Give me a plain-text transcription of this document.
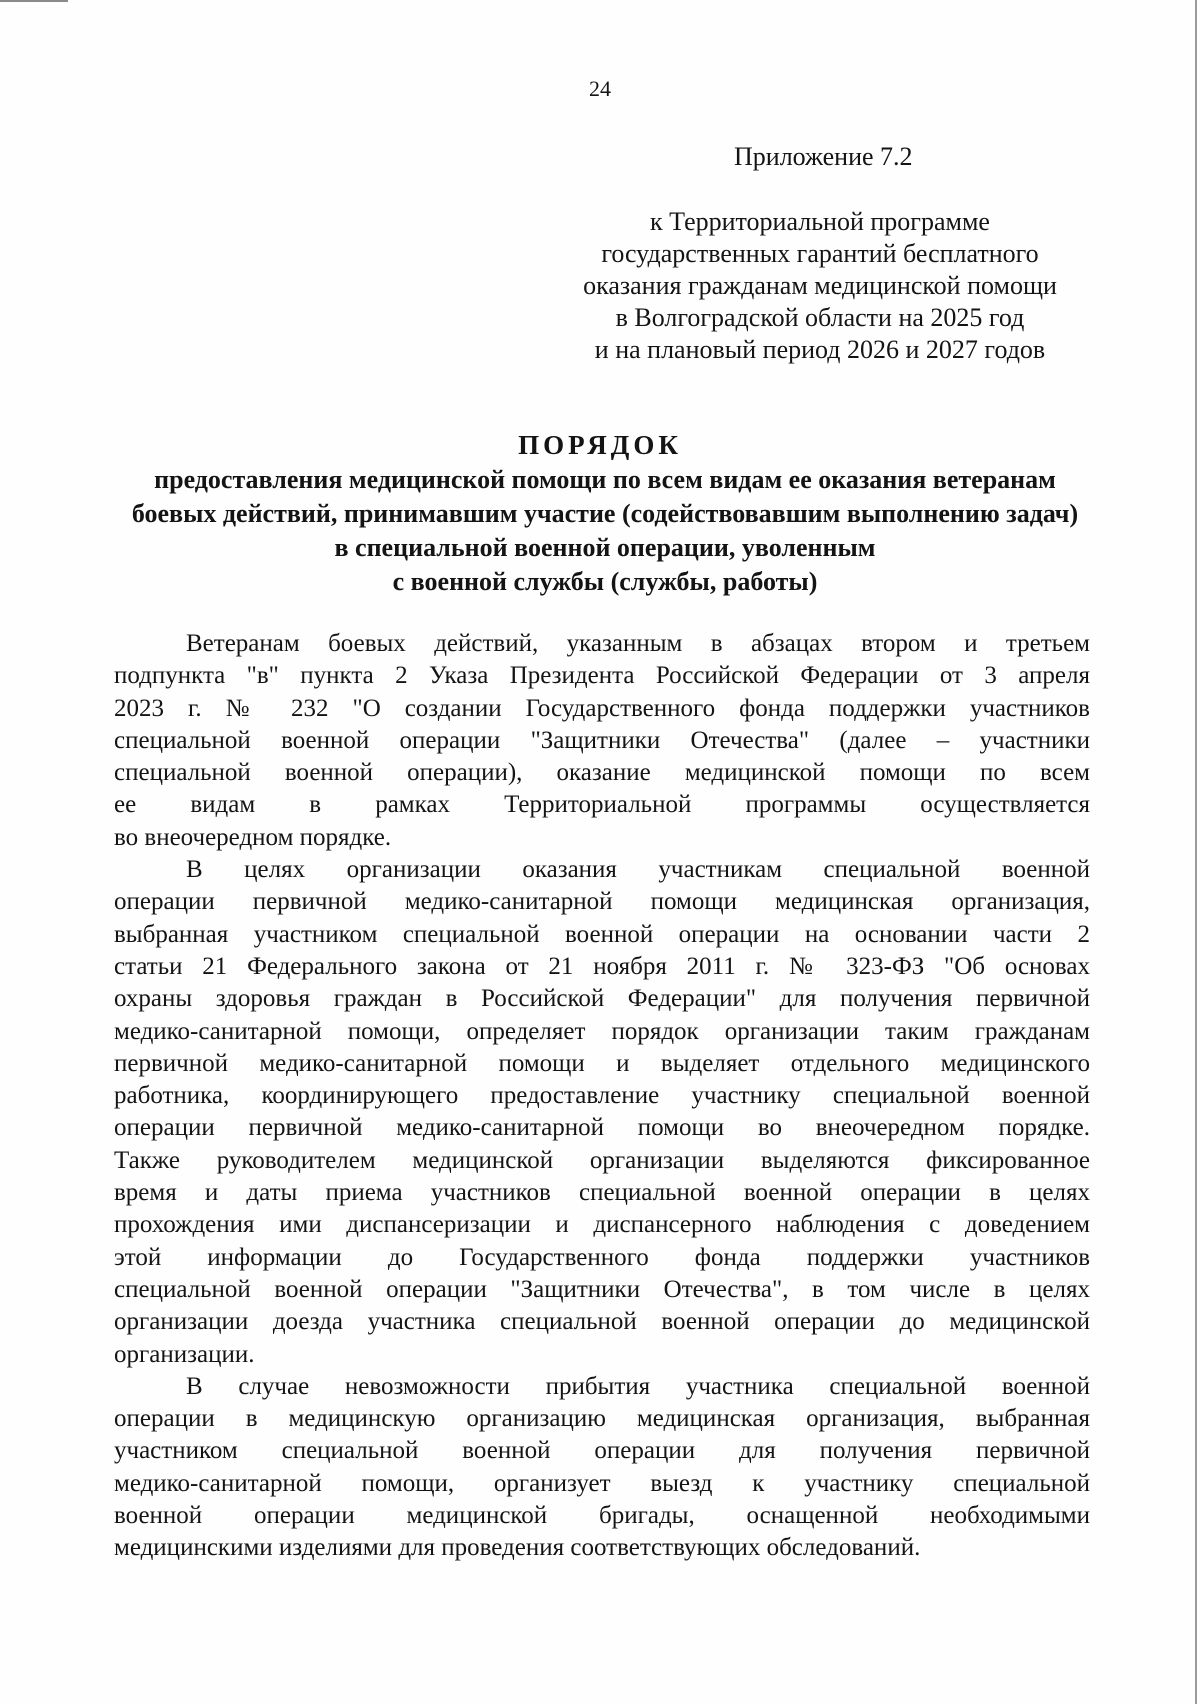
24
Приложение 7.2
к Территориальной программе
государственных гарантий бесплатного
оказания гражданам медицинской помощи
в Волгоградской области на 2025 год
и на плановый период 2026 и 2027 годов
ПОРЯДОК
предоставления медицинской помощи по всем видам ее оказания ветеранам
боевых действий, принимавшим участие (содействовавшим выполнению задач)
в специальной военной операции, уволенным
с военной службы (службы, работы)
Ветеранам боевых действий, указанным в абзацах втором и третьем
подпункта "в" пункта 2 Указа Президента Российской Федерации от 3 апреля
2023 г. № 232 "О создании Государственного фонда поддержки участников
специальной военной операции "Защитники Отечества" (далее – участники
специальной военной операции), оказание медицинской помощи по всем
ее видам в рамках Территориальной программы осуществляется
во внеочередном порядке.
В целях организации оказания участникам специальной военной
операции первичной медико-санитарной помощи медицинская организация,
выбранная участником специальной военной операции на основании части 2
статьи 21 Федерального закона от 21 ноября 2011 г. № 323-ФЗ "Об основах
охраны здоровья граждан в Российской Федерации" для получения первичной
медико-санитарной помощи, определяет порядок организации таким гражданам
первичной медико-санитарной помощи и выделяет отдельного медицинского
работника, координирующего предоставление участнику специальной военной
операции первичной медико-санитарной помощи во внеочередном порядке.
Также руководителем медицинской организации выделяются фиксированное
время и даты приема участников специальной военной операции в целях
прохождения ими диспансеризации и диспансерного наблюдения с доведением
этой информации до Государственного фонда поддержки участников
специальной военной операции "Защитники Отечества", в том числе в целях
организации доезда участника специальной военной операции до медицинской
организации.
В случае невозможности прибытия участника специальной военной
операции в медицинскую организацию медицинская организация, выбранная
участником специальной военной операции для получения первичной
медико-санитарной помощи, организует выезд к участнику специальной
военной операции медицинской бригады, оснащенной необходимыми
медицинскими изделиями для проведения соответствующих обследований.
